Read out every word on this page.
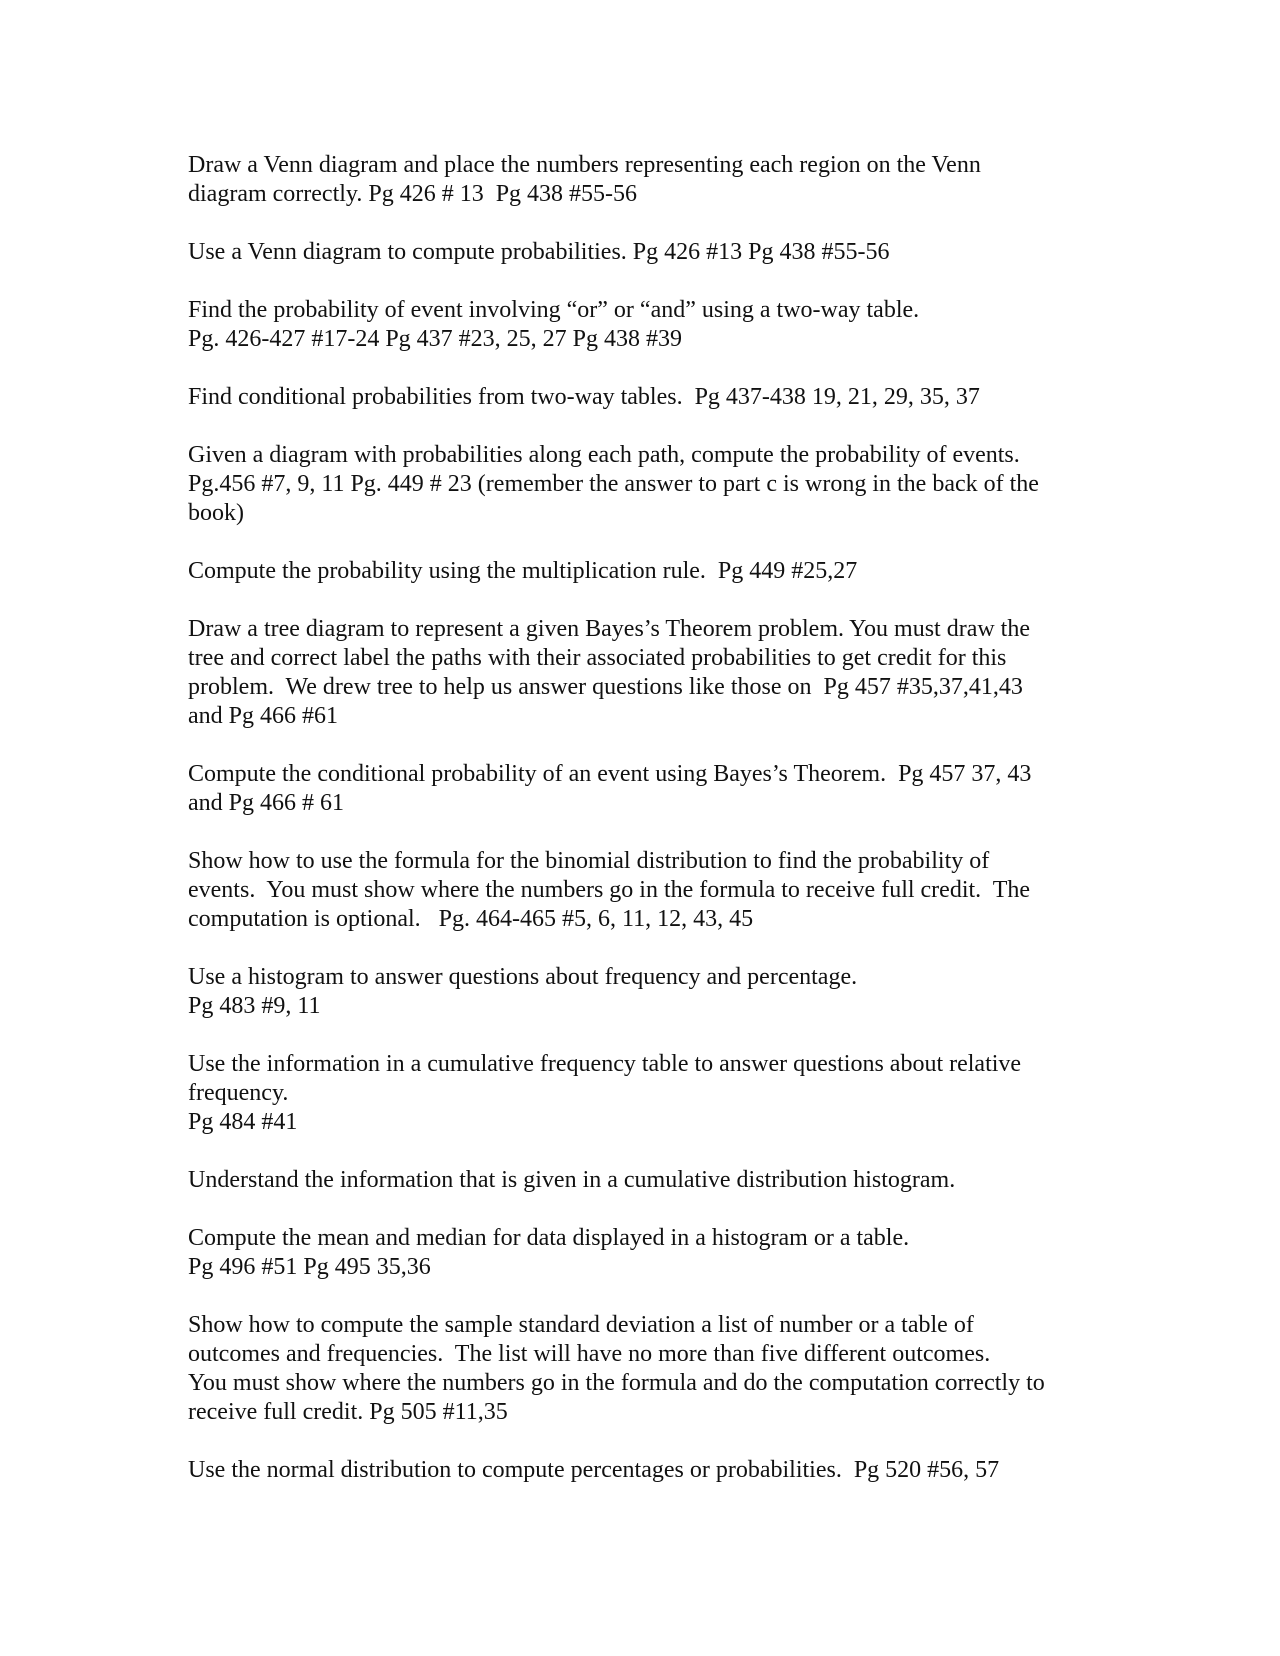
Draw a Venn diagram and place the numbers representing each region on the Venn
diagram correctly. Pg 426 # 13  Pg 438 #55-56
Use a Venn diagram to compute probabilities. Pg 426 #13 Pg 438 #55-56
Find the probability of event involving “or” or “and” using a two-way table.
Pg. 426-427 #17-24 Pg 437 #23, 25, 27 Pg 438 #39
Find conditional probabilities from two-way tables.  Pg 437-438 19, 21, 29, 35, 37
Given a diagram with probabilities along each path, compute the probability of events.
Pg.456 #7, 9, 11 Pg. 449 # 23 (remember the answer to part c is wrong in the back of the
book)
Compute the probability using the multiplication rule.  Pg 449 #25,27
Draw a tree diagram to represent a given Bayes’s Theorem problem. You must draw the
tree and correct label the paths with their associated probabilities to get credit for this
problem.  We drew tree to help us answer questions like those on  Pg 457 #35,37,41,43
and Pg 466 #61
Compute the conditional probability of an event using Bayes’s Theorem.  Pg 457 37, 43
and Pg 466 # 61
Show how to use the formula for the binomial distribution to find the probability of
events.  You must show where the numbers go in the formula to receive full credit.  The
computation is optional.   Pg. 464-465 #5, 6, 11, 12, 43, 45
Use a histogram to answer questions about frequency and percentage.
Pg 483 #9, 11
Use the information in a cumulative frequency table to answer questions about relative
frequency.
Pg 484 #41
Understand the information that is given in a cumulative distribution histogram.
Compute the mean and median for data displayed in a histogram or a table.
Pg 496 #51 Pg 495 35,36
Show how to compute the sample standard deviation a list of number or a table of
outcomes and frequencies.  The list will have no more than five different outcomes.
You must show where the numbers go in the formula and do the computation correctly to
receive full credit. Pg 505 #11,35
Use the normal distribution to compute percentages or probabilities.  Pg 520 #56, 57
